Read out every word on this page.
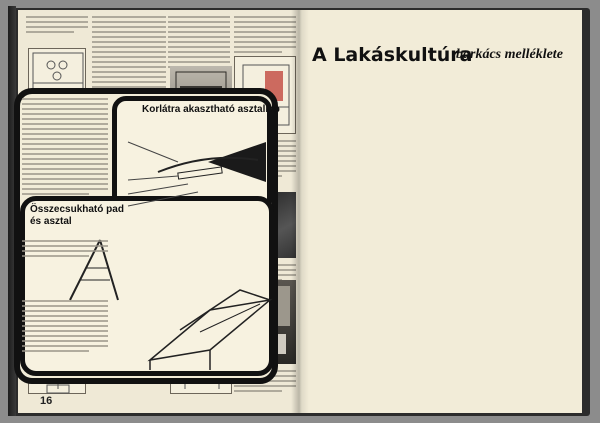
16
A Lakáskultúra
barkács melléklete
Korlátra akasztható asztallap
Összecsukható pad
és asztal
